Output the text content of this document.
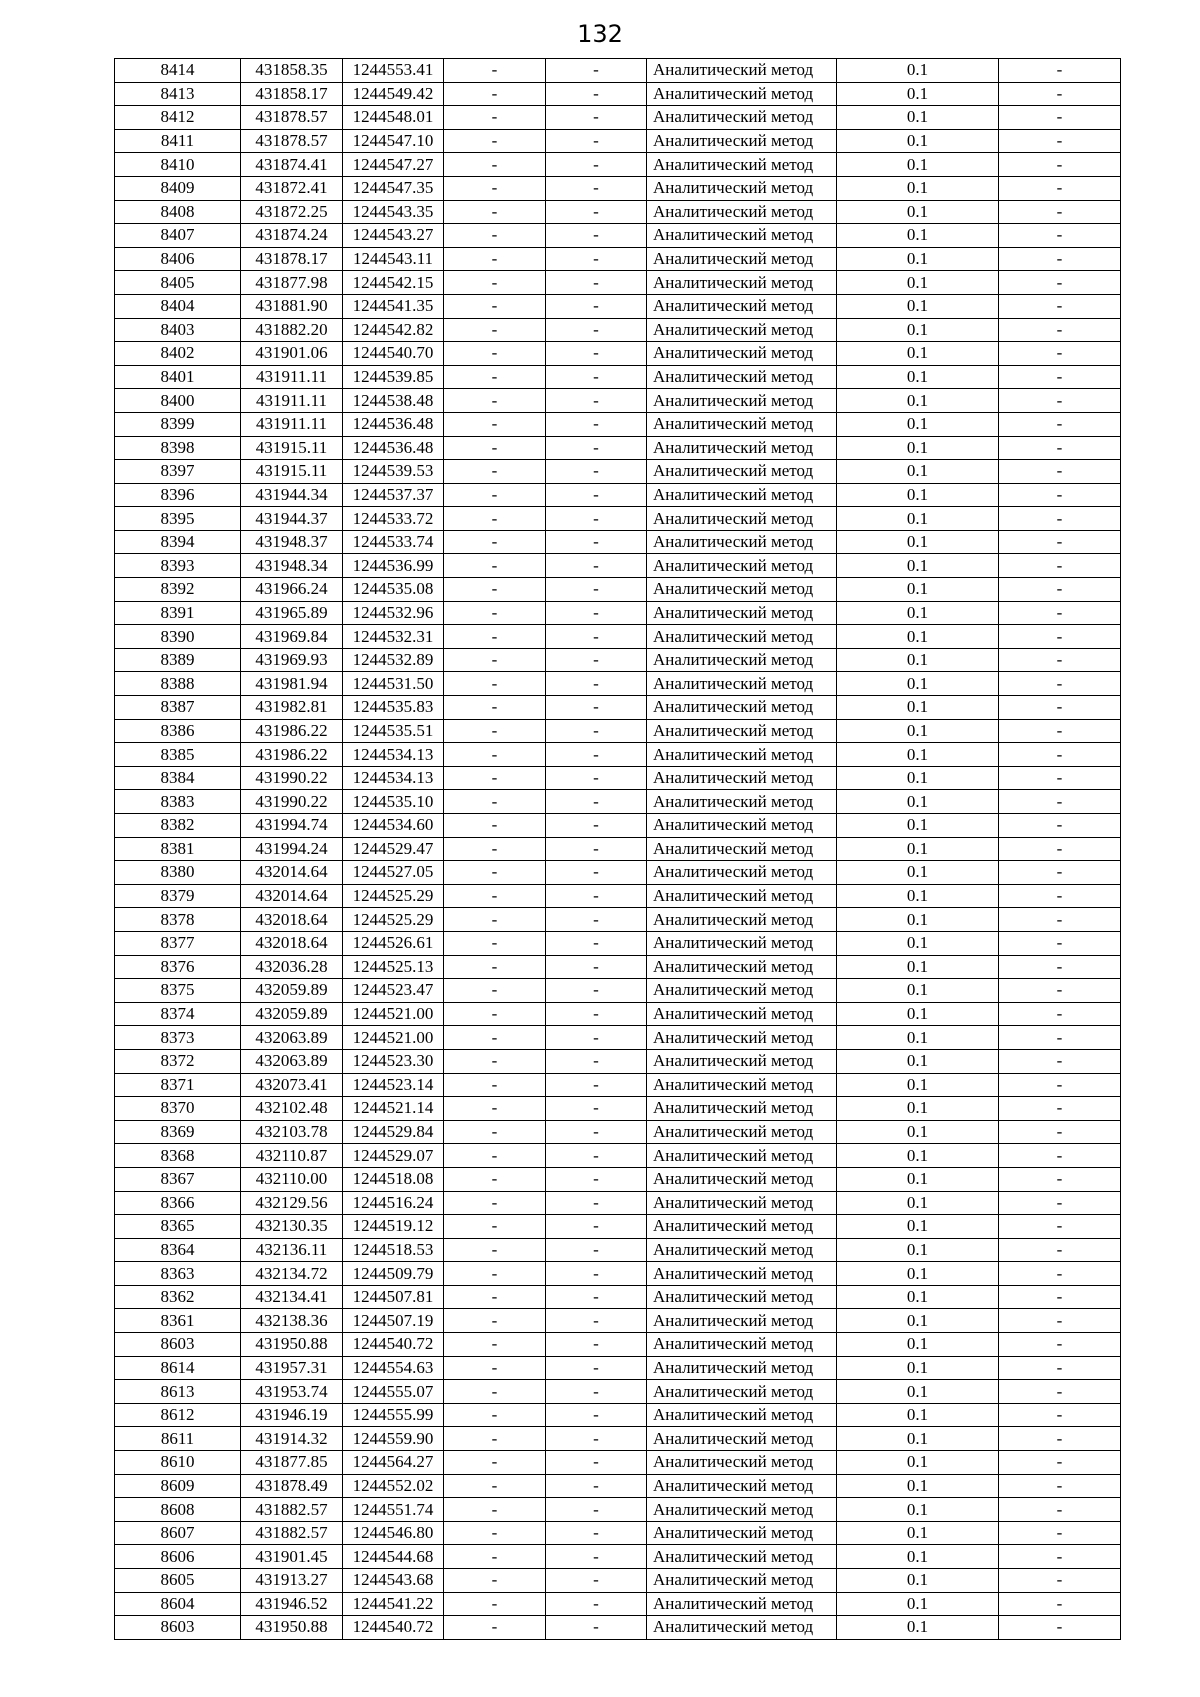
132
8414	431858.35	1244553.41	-	-	Аналитический метод	0.1	-
8413	431858.17	1244549.42	-	-	Аналитический метод	0.1	-
8412	431878.57	1244548.01	-	-	Аналитический метод	0.1	-
8411	431878.57	1244547.10	-	-	Аналитический метод	0.1	-
8410	431874.41	1244547.27	-	-	Аналитический метод	0.1	-
8409	431872.41	1244547.35	-	-	Аналитический метод	0.1	-
8408	431872.25	1244543.35	-	-	Аналитический метод	0.1	-
8407	431874.24	1244543.27	-	-	Аналитический метод	0.1	-
8406	431878.17	1244543.11	-	-	Аналитический метод	0.1	-
8405	431877.98	1244542.15	-	-	Аналитический метод	0.1	-
8404	431881.90	1244541.35	-	-	Аналитический метод	0.1	-
8403	431882.20	1244542.82	-	-	Аналитический метод	0.1	-
8402	431901.06	1244540.70	-	-	Аналитический метод	0.1	-
8401	431911.11	1244539.85	-	-	Аналитический метод	0.1	-
8400	431911.11	1244538.48	-	-	Аналитический метод	0.1	-
8399	431911.11	1244536.48	-	-	Аналитический метод	0.1	-
8398	431915.11	1244536.48	-	-	Аналитический метод	0.1	-
8397	431915.11	1244539.53	-	-	Аналитический метод	0.1	-
8396	431944.34	1244537.37	-	-	Аналитический метод	0.1	-
8395	431944.37	1244533.72	-	-	Аналитический метод	0.1	-
8394	431948.37	1244533.74	-	-	Аналитический метод	0.1	-
8393	431948.34	1244536.99	-	-	Аналитический метод	0.1	-
8392	431966.24	1244535.08	-	-	Аналитический метод	0.1	-
8391	431965.89	1244532.96	-	-	Аналитический метод	0.1	-
8390	431969.84	1244532.31	-	-	Аналитический метод	0.1	-
8389	431969.93	1244532.89	-	-	Аналитический метод	0.1	-
8388	431981.94	1244531.50	-	-	Аналитический метод	0.1	-
8387	431982.81	1244535.83	-	-	Аналитический метод	0.1	-
8386	431986.22	1244535.51	-	-	Аналитический метод	0.1	-
8385	431986.22	1244534.13	-	-	Аналитический метод	0.1	-
8384	431990.22	1244534.13	-	-	Аналитический метод	0.1	-
8383	431990.22	1244535.10	-	-	Аналитический метод	0.1	-
8382	431994.74	1244534.60	-	-	Аналитический метод	0.1	-
8381	431994.24	1244529.47	-	-	Аналитический метод	0.1	-
8380	432014.64	1244527.05	-	-	Аналитический метод	0.1	-
8379	432014.64	1244525.29	-	-	Аналитический метод	0.1	-
8378	432018.64	1244525.29	-	-	Аналитический метод	0.1	-
8377	432018.64	1244526.61	-	-	Аналитический метод	0.1	-
8376	432036.28	1244525.13	-	-	Аналитический метод	0.1	-
8375	432059.89	1244523.47	-	-	Аналитический метод	0.1	-
8374	432059.89	1244521.00	-	-	Аналитический метод	0.1	-
8373	432063.89	1244521.00	-	-	Аналитический метод	0.1	-
8372	432063.89	1244523.30	-	-	Аналитический метод	0.1	-
8371	432073.41	1244523.14	-	-	Аналитический метод	0.1	-
8370	432102.48	1244521.14	-	-	Аналитический метод	0.1	-
8369	432103.78	1244529.84	-	-	Аналитический метод	0.1	-
8368	432110.87	1244529.07	-	-	Аналитический метод	0.1	-
8367	432110.00	1244518.08	-	-	Аналитический метод	0.1	-
8366	432129.56	1244516.24	-	-	Аналитический метод	0.1	-
8365	432130.35	1244519.12	-	-	Аналитический метод	0.1	-
8364	432136.11	1244518.53	-	-	Аналитический метод	0.1	-
8363	432134.72	1244509.79	-	-	Аналитический метод	0.1	-
8362	432134.41	1244507.81	-	-	Аналитический метод	0.1	-
8361	432138.36	1244507.19	-	-	Аналитический метод	0.1	-
8603	431950.88	1244540.72	-	-	Аналитический метод	0.1	-
8614	431957.31	1244554.63	-	-	Аналитический метод	0.1	-
8613	431953.74	1244555.07	-	-	Аналитический метод	0.1	-
8612	431946.19	1244555.99	-	-	Аналитический метод	0.1	-
8611	431914.32	1244559.90	-	-	Аналитический метод	0.1	-
8610	431877.85	1244564.27	-	-	Аналитический метод	0.1	-
8609	431878.49	1244552.02	-	-	Аналитический метод	0.1	-
8608	431882.57	1244551.74	-	-	Аналитический метод	0.1	-
8607	431882.57	1244546.80	-	-	Аналитический метод	0.1	-
8606	431901.45	1244544.68	-	-	Аналитический метод	0.1	-
8605	431913.27	1244543.68	-	-	Аналитический метод	0.1	-
8604	431946.52	1244541.22	-	-	Аналитический метод	0.1	-
8603	431950.88	1244540.72	-	-	Аналитический метод	0.1	-
